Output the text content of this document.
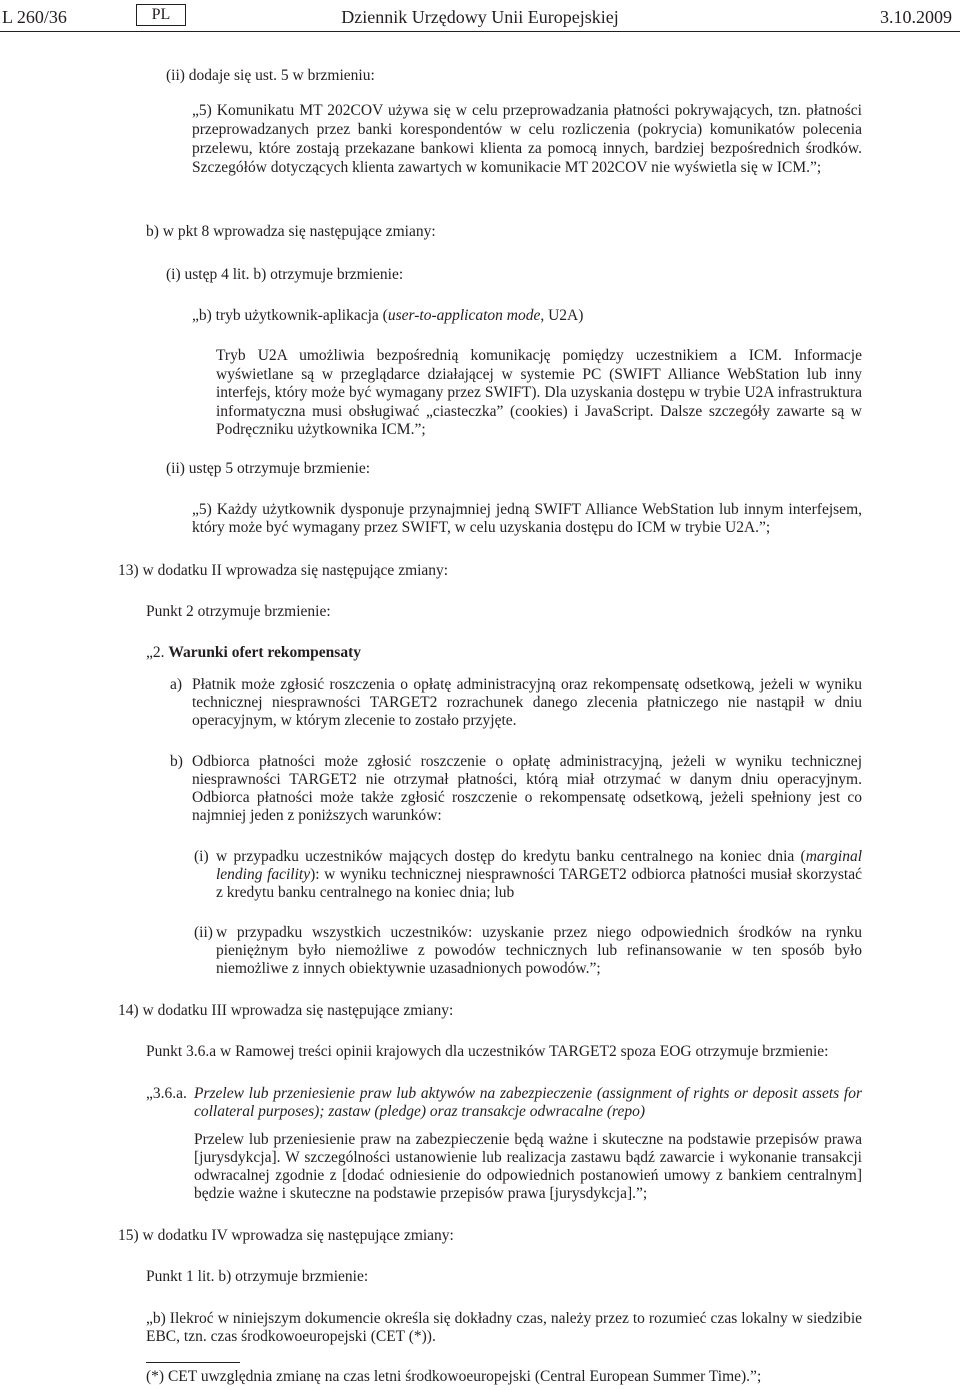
L 260/36	PL	Dziennik Urzędowy Unii Europejskiej	3.10.2009
(ii) dodaje się ust. 5 w brzmieniu:
„5) Komunikatu MT 202COV używa się w celu przeprowadzania płatności pokrywających, tzn. płatności przeprowadzanych przez banki korespondentów w celu rozliczenia (pokrycia) komunikatów polecenia przelewu, które zostają przekazane bankowi klienta za pomocą innych, bardziej bezpośrednich środków. Szczegółów dotyczących klienta zawartych w komunikacie MT 202COV nie wyświetla się w ICM.”;
b) w pkt 8 wprowadza się następujące zmiany:
(i) ustęp 4 lit. b) otrzymuje brzmienie:
„b) tryb użytkownik-aplikacja (user-to-applicaton mode, U2A)
Tryb U2A umożliwia bezpośrednią komunikację pomiędzy uczestnikiem a ICM. Informacje wyświetlane są w przeglądarce działającej w systemie PC (SWIFT Alliance WebStation lub inny interfejs, który może być wymagany przez SWIFT). Dla uzyskania dostępu w trybie U2A infrastruktura informatyczna musi obsługiwać „ciasteczka” (cookies) i JavaScript. Dalsze szczegóły zawarte są w Podręczniku użytkownika ICM.”;
(ii) ustęp 5 otrzymuje brzmienie:
„5) Każdy użytkownik dysponuje przynajmniej jedną SWIFT Alliance WebStation lub innym interfejsem, który może być wymagany przez SWIFT, w celu uzyskania dostępu do ICM w trybie U2A.”;
13) w dodatku II wprowadza się następujące zmiany:
Punkt 2 otrzymuje brzmienie:
„2. Warunki ofert rekompensaty
a) Płatnik może zgłosić roszczenia o opłatę administracyjną oraz rekompensatę odsetkową, jeżeli w wyniku technicznej niesprawności TARGET2 rozrachunek danego zlecenia płatniczego nie nastąpił w dniu operacyjnym, w którym zlecenie to zostało przyjęte.
b) Odbiorca płatności może zgłosić roszczenie o opłatę administracyjną, jeżeli w wyniku technicznej niesprawności TARGET2 nie otrzymał płatności, którą miał otrzymać w danym dniu operacyjnym. Odbiorca płatności może także zgłosić roszczenie o rekompensatę odsetkową, jeżeli spełniony jest co najmniej jeden z poniższych warunków:
(i) w przypadku uczestników mających dostęp do kredytu banku centralnego na koniec dnia (marginal lending facility): w wyniku technicznej niesprawności TARGET2 odbiorca płatności musiał skorzystać z kredytu banku centralnego na koniec dnia; lub
(ii) w przypadku wszystkich uczestników: uzyskanie przez niego odpowiednich środków na rynku pieniężnym było niemożliwe z powodów technicznych lub refinansowanie w ten sposób było niemożliwe z innych obiektywnie uzasadnionych powodów.”;
14) w dodatku III wprowadza się następujące zmiany:
Punkt 3.6.a w Ramowej treści opinii krajowych dla uczestników TARGET2 spoza EOG otrzymuje brzmienie:
„3.6.a. Przelew lub przeniesienie praw lub aktywów na zabezpieczenie (assignment of rights or deposit assets for collateral purposes); zastaw (pledge) oraz transakcje odwracalne (repo)
Przelew lub przeniesienie praw na zabezpieczenie będą ważne i skuteczne na podstawie przepisów prawa [jurysdykcja]. W szczególności ustanowienie lub realizacja zastawu bądź zawarcie i wykonanie transakcji odwracalnej zgodnie z [dodać odniesienie do odpowiednich postanowień umowy z bankiem centralnym] będzie ważne i skuteczne na podstawie przepisów prawa [jurysdykcja].”;
15) w dodatku IV wprowadza się następujące zmiany:
Punkt 1 lit. b) otrzymuje brzmienie:
„b) Ilekroć w niniejszym dokumencie określa się dokładny czas, należy przez to rozumieć czas lokalny w siedzibie EBC, tzn. czas środkowoeuropejski (CET (*)).
(*) CET uwzględnia zmianę na czas letni środkowoeuropejski (Central European Summer Time).”;
